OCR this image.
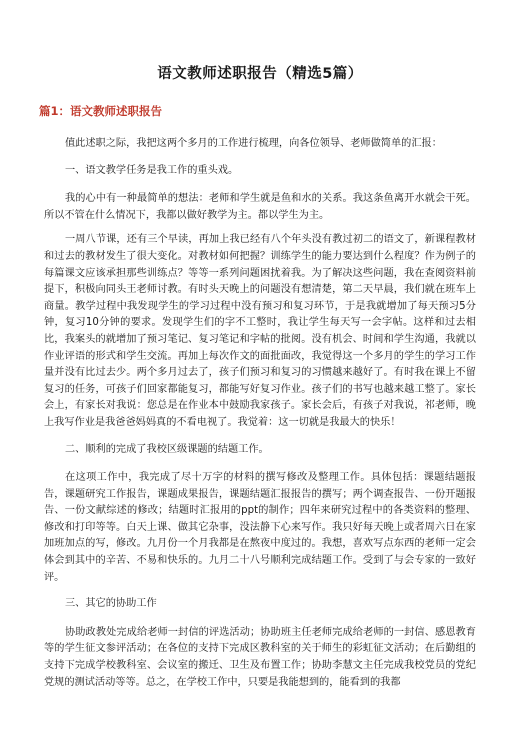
语文教师述职报告（精选5篇）
篇1：语文教师述职报告

值此述职之际，我把这两个多月的工作进行梳理，向各位领导、老师做简单的汇报：

一、语文教学任务是我工作的重头戏。

我的心中有一种最简单的想法：老师和学生就是鱼和水的关系。我这条鱼离开水就会干死。所以不管在什么情况下，我都以做好教学为主。都以学生为主。

一周八节课，还有三个早读，再加上我已经有八个年头没有教过初二的语文了，新课程教材和过去的教材发生了很大变化。对教材如何把握？训练学生的能力要达到什么程度？作为例子的每篇课文应该承担那些训练点？等等一系列问题困扰着我。为了解决这些问题，我在查阅资料前提下，积极向同头王老师讨教。有时头天晚上的问题没有想清楚，第二天早晨，我们就在班车上商量。教学过程中我发现学生的学习过程中没有预习和复习环节，于是我就增加了每天预习5分钟，复习10分钟的要求。发现学生们的字不工整时，我让学生每天写一会字帖。这样和过去相比，我案头的就增加了预习笔记、复习笔记和字帖的批阅。没有机会、时间和学生沟通，我就以作业评语的形式和学生交流。再加上每次作文的面批面改，我觉得这一个多月的学生的学习工作量并没有比过去少。两个多月过去了，孩子们预习和复习的习惯越来越好了。有时我在课上不留复习的任务，可孩子们回家都能复习，都能写好复习作业。孩子们的书写也越来越工整了。家长会上，有家长对我说：您总是在作业本中鼓励我家孩子。家长会后，有孩子对我说，祁老师，晚上我写作业是我爸爸妈妈真的不看电视了。我觉着：这一切就是我最大的快乐！

二、顺利的完成了我校区级课题的结题工作。

在这项工作中，我完成了尽十万字的材料的撰写修改及整理工作。具体包括：课题结题报告，课题研究工作报告，课题成果报告，课题结题汇报报告的撰写；两个调查报告、一份开题报告、一份文献综述的修改；结题时汇报用的ppt的制作；四年来研究过程中的各类资料的整理、修改和打印等等。白天上课、做其它杂事，没法静下心来写作。我只好每天晚上或者周六日在家加班加点的写，修改。九月份一个月我都是在熬夜中度过的。我想，喜欢写点东西的老师一定会体会到其中的辛苦、不易和快乐的。九月二十八号顺利完成结题工作。受到了与会专家的一致好评。

三、其它的协助工作

协助政教处完成给老师一封信的评选活动；协助班主任老师完成给老师的一封信、感恩教育等的学生征文参评活动；在各位的支持下完成区教科室的关于师生的彩虹征文活动；在后勤组的支持下完成学校教科室、会议室的搬迁、卫生及布置工作；协助李慧文主任完成我校党员的党纪党规的测试活动等等。总之，在学校工作中，只要是我能想到的，能看到的我都
